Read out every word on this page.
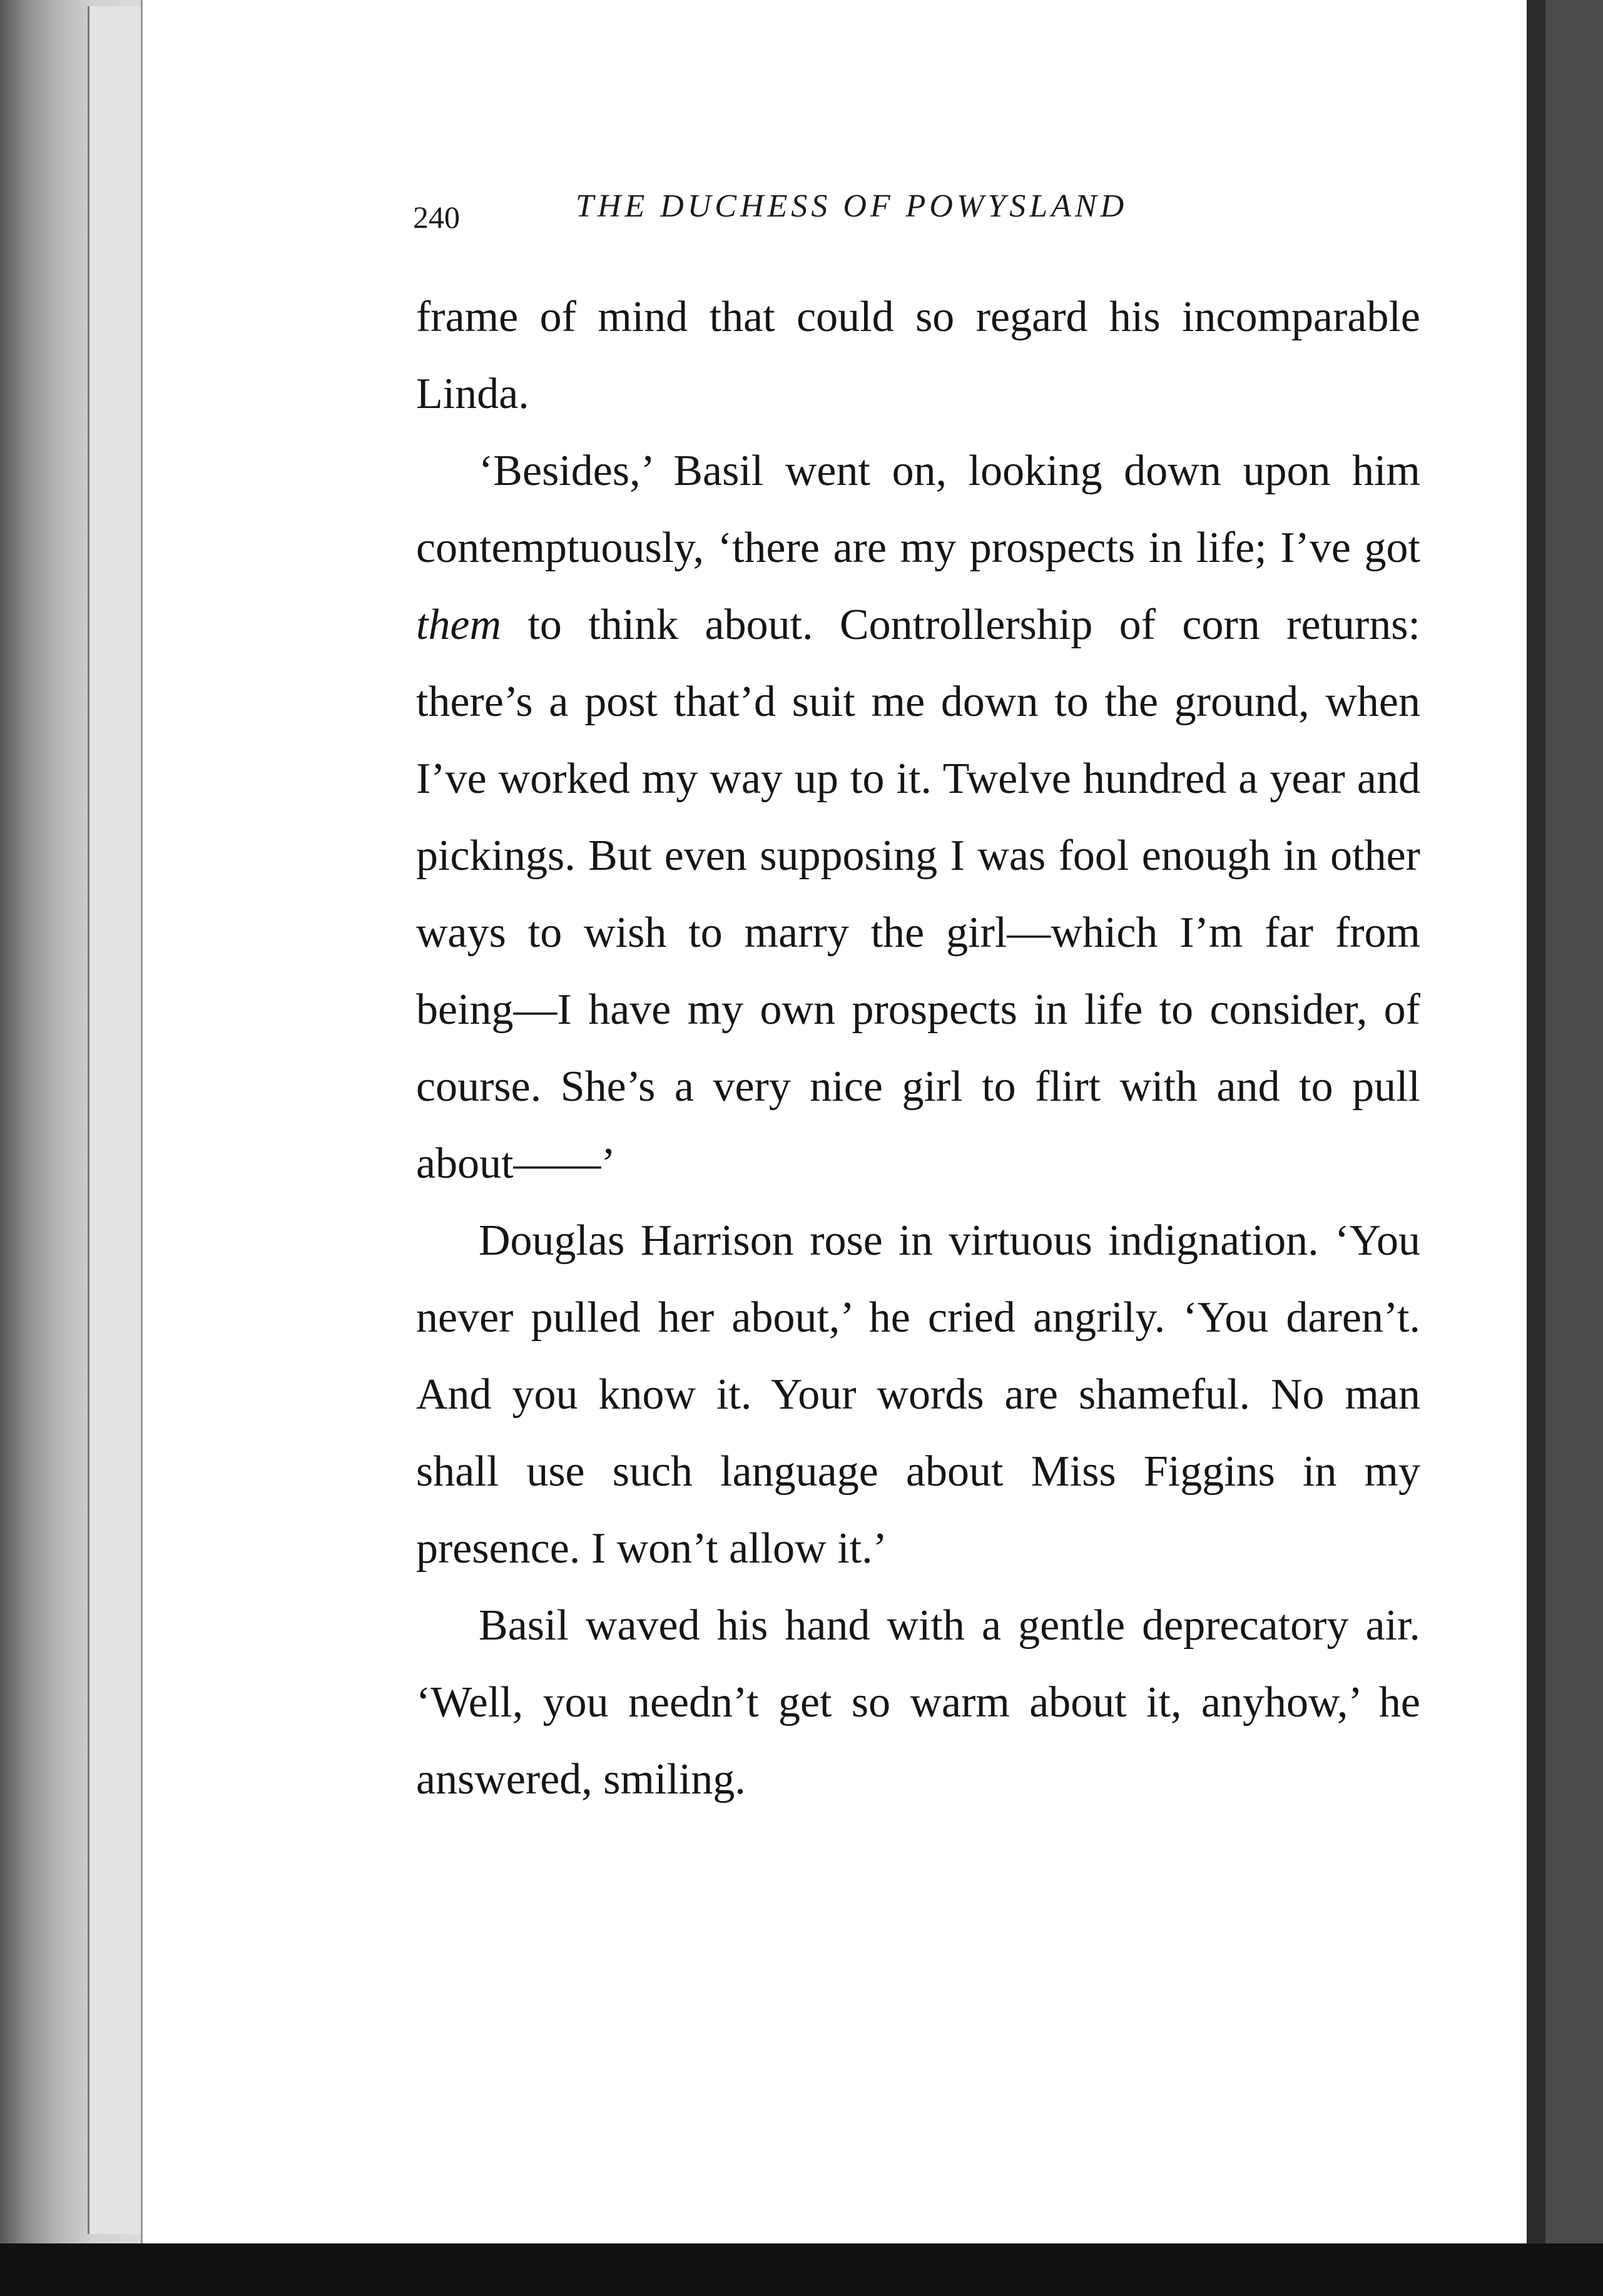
240	THE DUCHESS OF POWYSLAND

frame of mind that could so regard his incomparable Linda.

‘Besides,’ Basil went on, looking down upon him contemptuously, ‘there are my prospects in life; I’ve got them to think about. Controllership of corn returns: there’s a post that’d suit me down to the ground, when I’ve worked my way up to it. Twelve hundred a year and pickings. But even supposing I was fool enough in other ways to wish to marry the girl—which I’m far from being—I have my own prospects in life to consider, of course. She’s a very nice girl to flirt with and to pull about——’

Douglas Harrison rose in virtuous indignation. ‘You never pulled her about,’ he cried angrily. ‘You daren’t. And you know it. Your words are shameful. No man shall use such language about Miss Figgins in my presence. I won’t allow it.’

Basil waved his hand with a gentle deprecatory air. ‘Well, you needn’t get so warm about it, anyhow,’ he answered, smiling.
